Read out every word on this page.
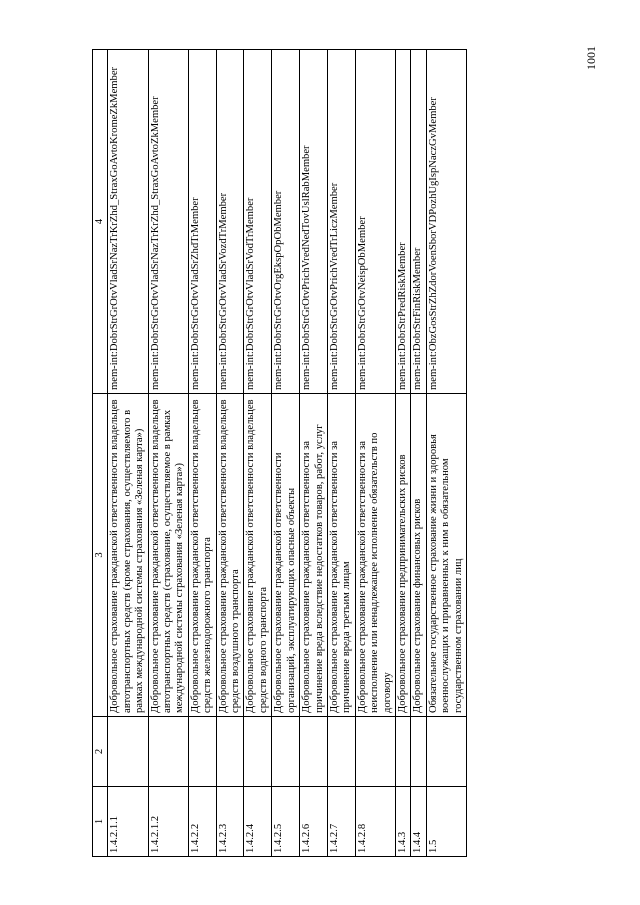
1	2	3	4
1.4.2.1.1		Добровольное страхование гражданской ответственности владельцев автотранспортных средств (кроме страхования, осуществляемого в рамках международной системы страхования «Зеленая карта»)	mem-int:DobrStrGrOtvVladSrNazTrKrZhd_StraxGoAvtoKromeZkMember
1.4.2.1.2		Добровольное страхование гражданской ответственности владельцев автотранспортных средств (страхование, осуществляемое в рамках международной системы страхования «Зеленая карта»)	mem-int:DobrStrGrOtvVladSrNazTrKrZhd_StraxGoAvtoZkMember
1.4.2.2		Добровольное страхование гражданской ответственности владельцев средств железнодорожного транспорта	mem-int:DobrStrGrOtvVladSrZhdTrMember
1.4.2.3		Добровольное страхование гражданской ответственности владельцев средств воздушного транспорта	mem-int:DobrStrGrOtvVladSrVozdTrMember
1.4.2.4		Добровольное страхование гражданской ответственности владельцев средств водного транспорта	mem-int:DobrStrGrOtvVladSrVodTrMember
1.4.2.5		Добровольное страхование гражданской ответственности организаций, эксплуатирующих опасные объекты	mem-int:DobrStrGrOtvOrgEkspOpObMember
1.4.2.6		Добровольное страхование гражданской ответственности за причинение вреда вследствие недостатков товаров, работ, услуг	mem-int:DobrStrGrOtvPrichVredNedTovUslRabMember
1.4.2.7		Добровольное страхование гражданской ответственности за причинение вреда третьим лицам	mem-int:DobrStrGrOtvPrichVredTrLiczMember
1.4.2.8		Добровольное страхование гражданской ответственности за неисполнение или ненадлежащее исполнение обязательств по договору	mem-int:DobrStrGrOtvNeispObMember
1.4.3		Добровольное страхование предпринимательских рисков	mem-int:DobrStrPredRiskMember
1.4.4		Добровольное страхование финансовых рисков	mem-int:DobrStrFinRiskMember
1.5		Обязательное государственное страхование жизни и здоровья военнослужащих и приравненных к ним в обязательном государственном страховании лиц	mem-int:ObzGosStrZhZdorVoenSborVDPozhUgIspNaczGvMember
1001
